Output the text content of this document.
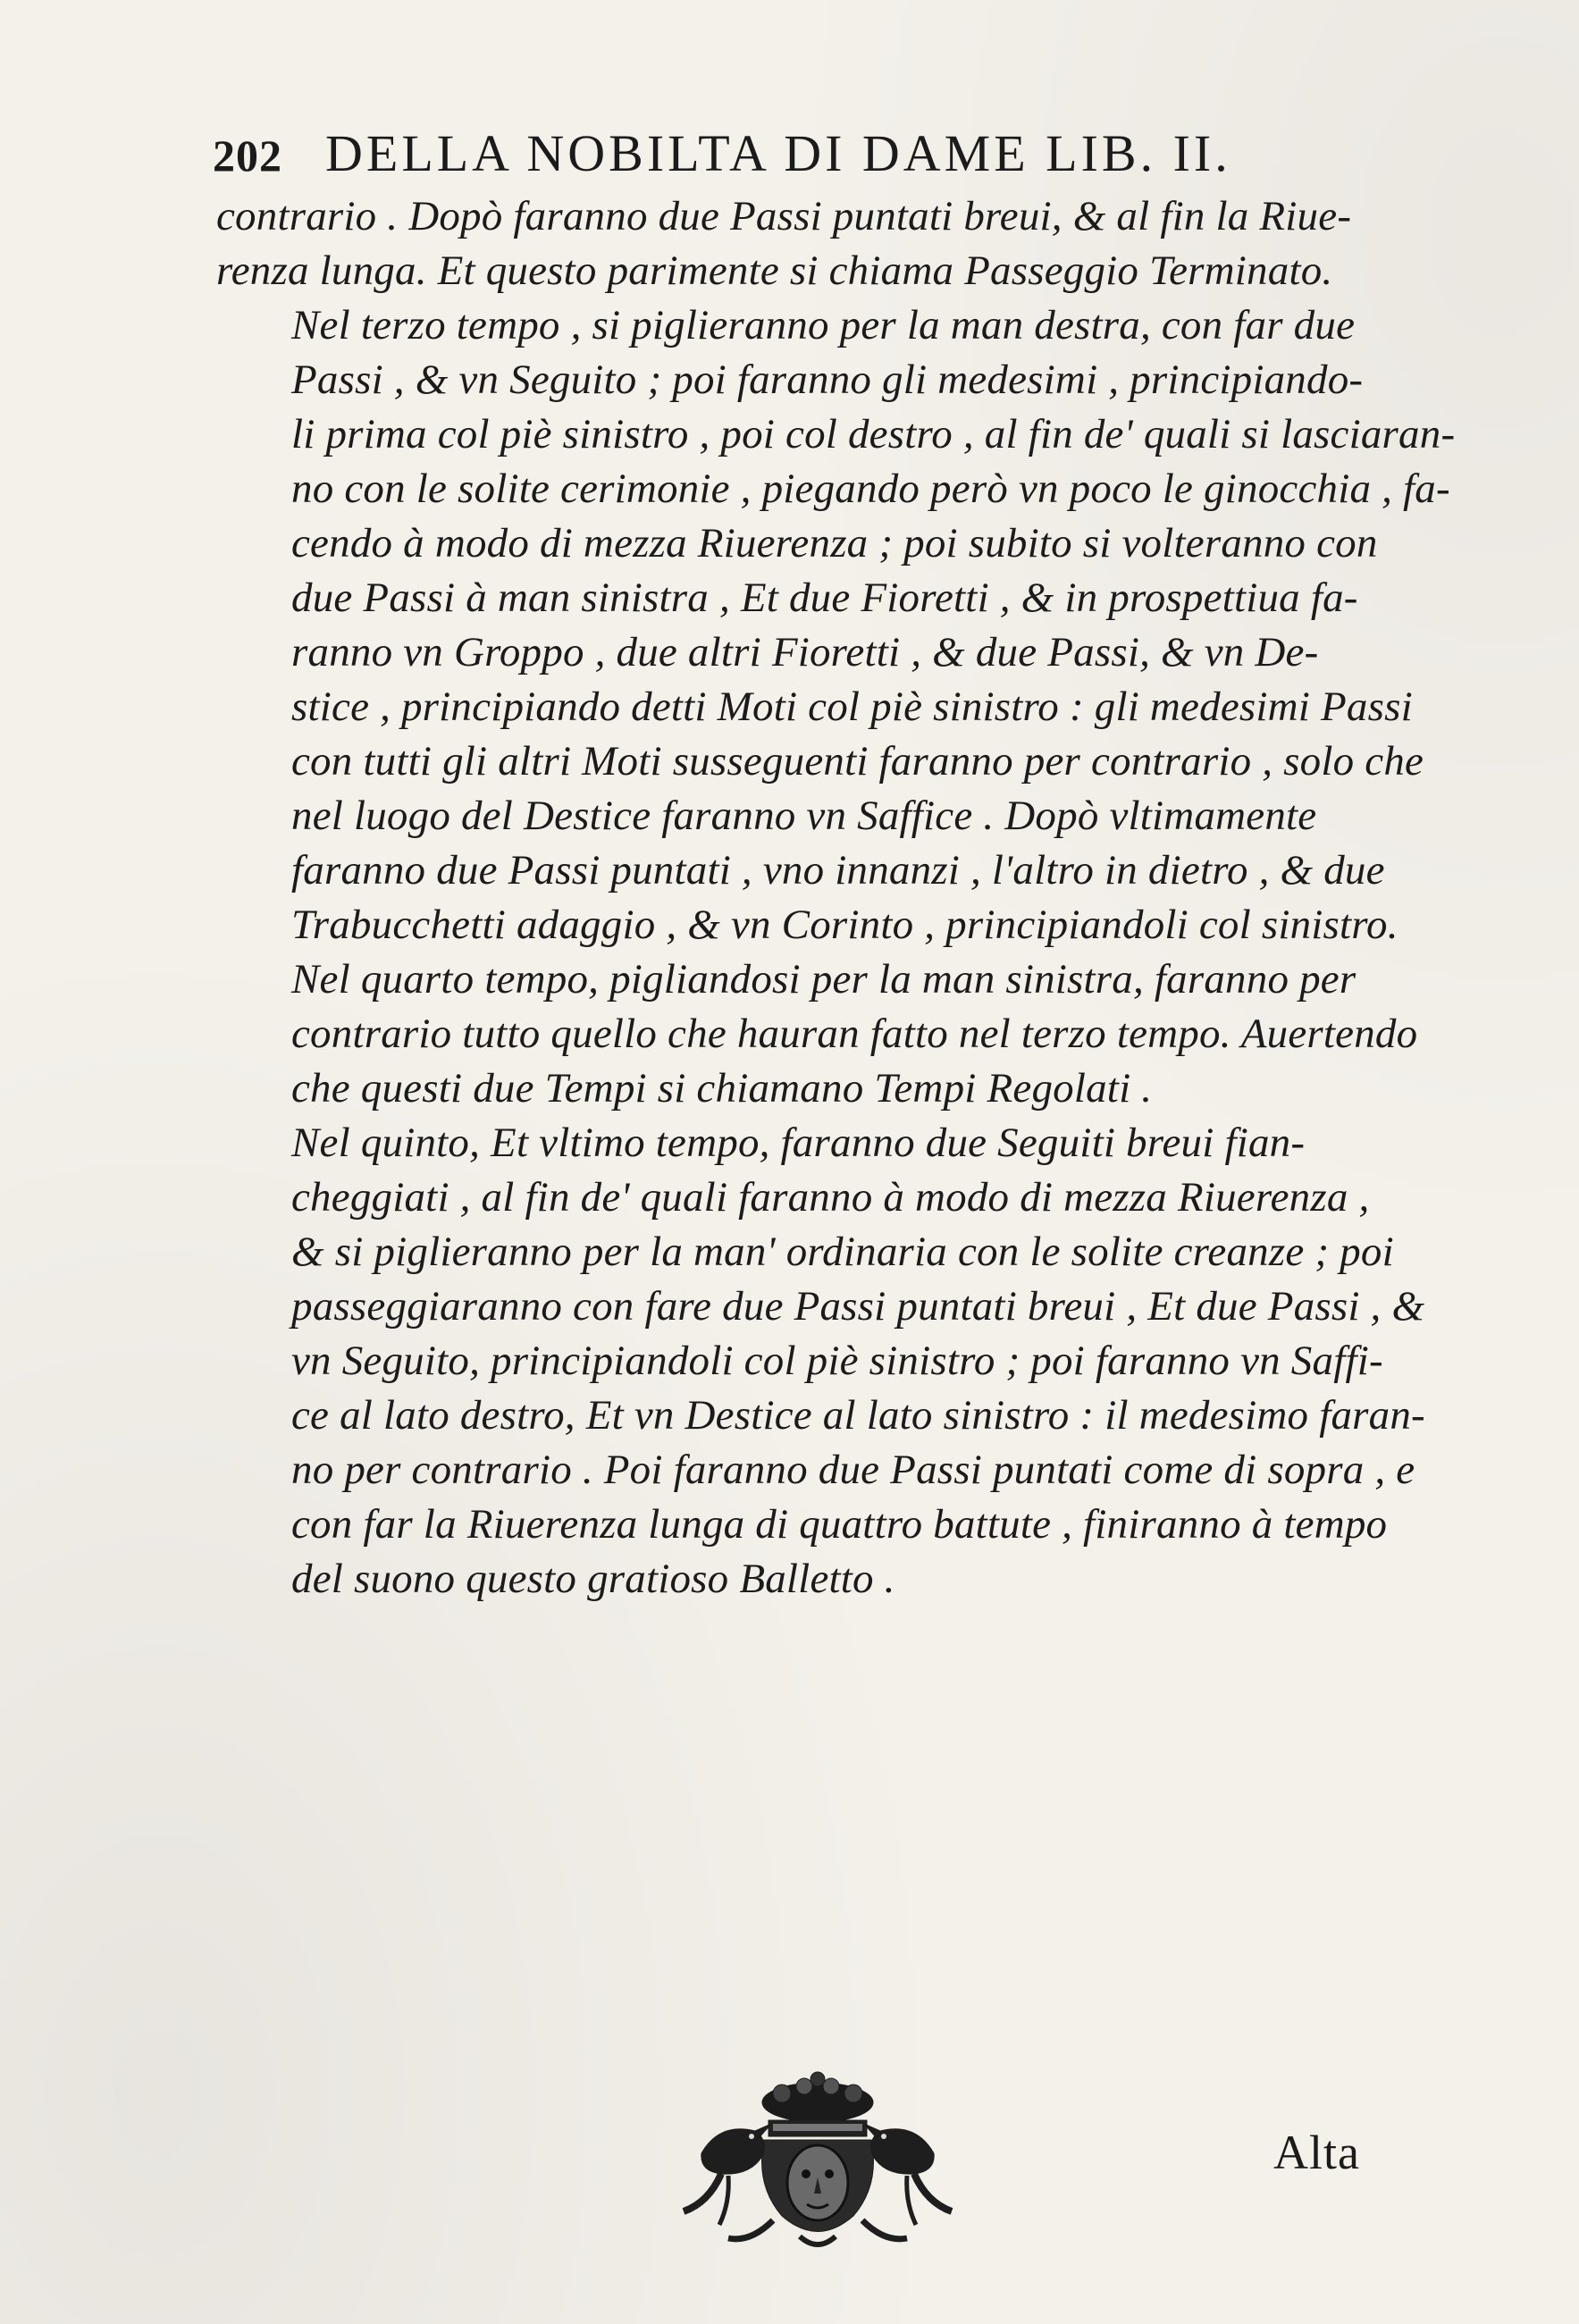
202 DELLA NOBILTA DI DAME LIB. II.

contrario . Dopò faranno due Passi puntati breui, & al fin la Riue-
renza lunga. Et questo parimente si chiama Passeggio Terminato.

Nel terzo tempo , si piglieranno per la man destra, con far due
Passi , & vn Seguito ; poi faranno gli medesimi , principiando-
li prima col piè sinistro , poi col destro , al fin de' quali si lasciaran-
no con le solite cerimonie , piegando però vn poco le ginocchia , fa-
cendo à modo di mezza Riuerenza ; poi subito si volteranno con
due Passi à man sinistra , Et due Fioretti , & in prospettiua fa-
ranno vn Groppo , due altri Fioretti , & due Passi, & vn De-
stice , principiando detti Moti col piè sinistro : gli medesimi Passi
con tutti gli altri Moti susseguenti faranno per contrario , solo che
nel luogo del Destice faranno vn Saffice . Dopò vltimamente
faranno due Passi puntati , vno innanzi , l'altro in dietro , & due
Trabucchetti adaggio , & vn Corinto , principiandoli col sinistro.

Nel quarto tempo, pigliandosi per la man sinistra, faranno per
contrario tutto quello che hauran fatto nel terzo tempo. Auertendo
che questi due Tempi si chiamano Tempi Regolati .

Nel quinto, Et vltimo tempo, faranno due Seguiti breui fian-
cheggiati , al fin de' quali faranno à modo di mezza Riuerenza ,
& si piglieranno per la man' ordinaria con le solite creanze ; poi
passeggiaranno con fare due Passi puntati breui , Et due Passi , &
vn Seguito, principiandoli col piè sinistro ; poi faranno vn Saffi-
ce al lato destro, Et vn Destice al lato sinistro : il medesimo faran-
no per contrario . Poi faranno due Passi puntati come di sopra , e
con far la Riuerenza lunga di quattro battute , finiranno à tempo
del suono questo gratioso Balletto .

Alta
